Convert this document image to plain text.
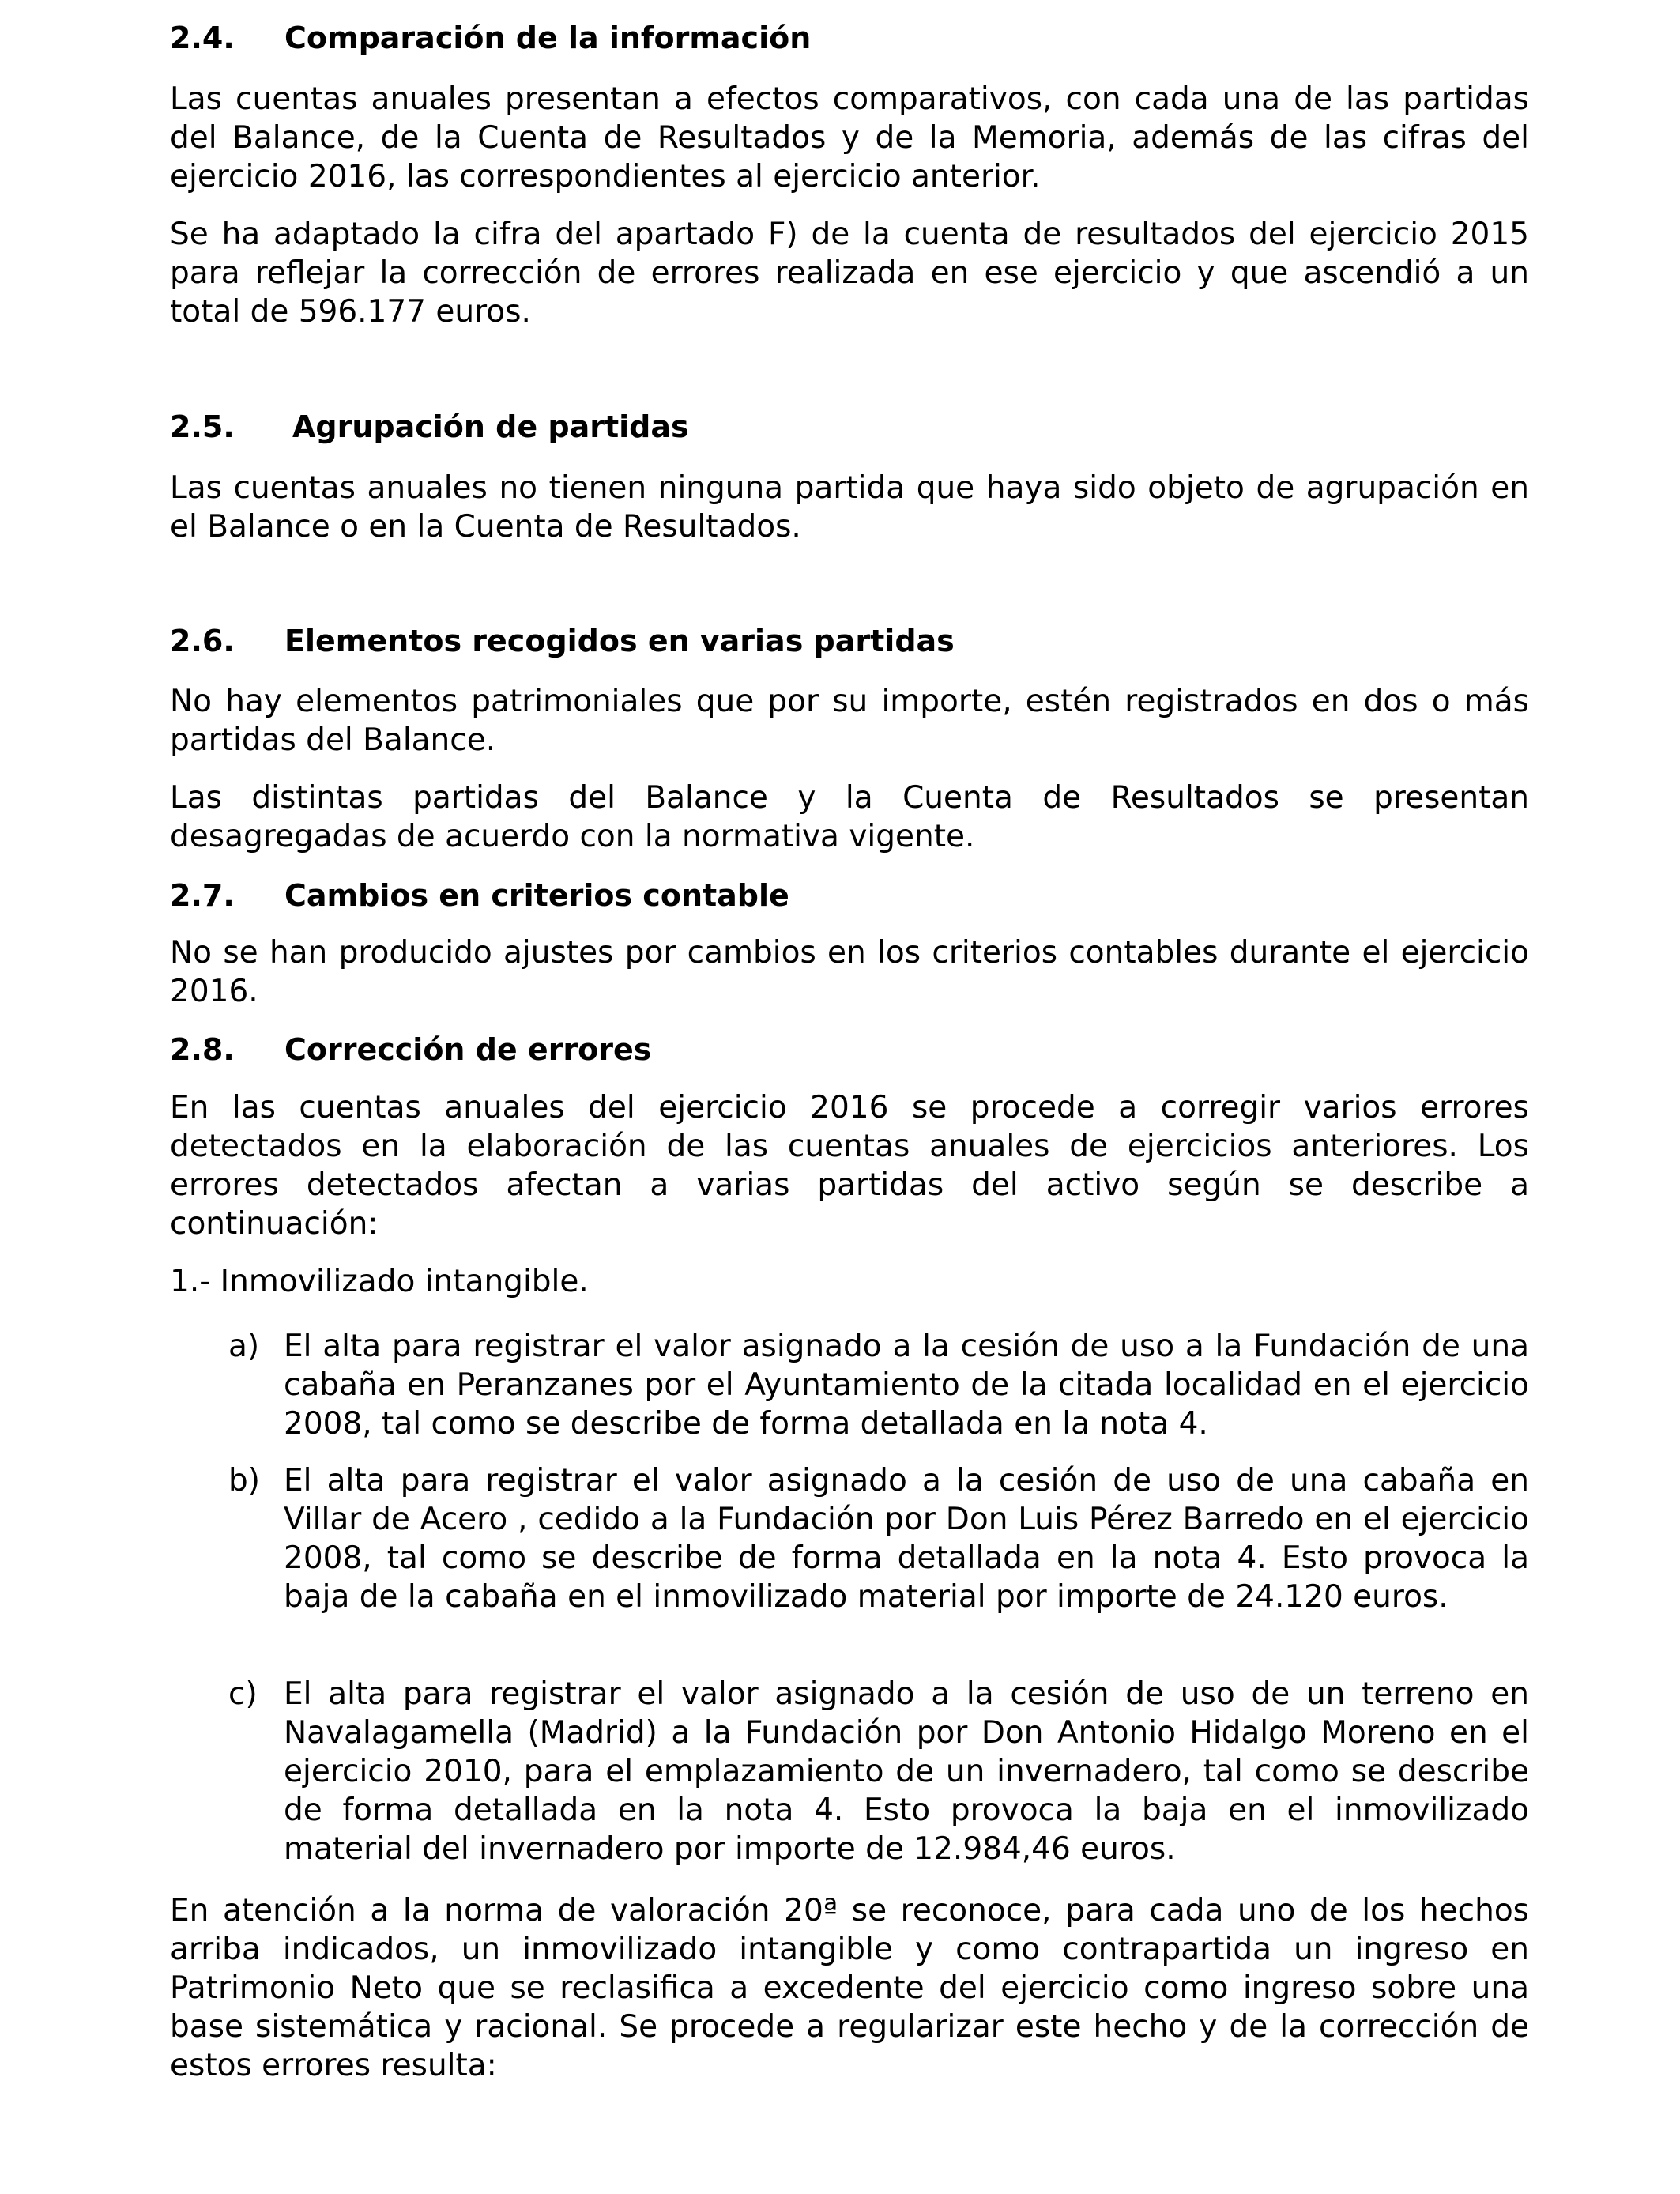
2.4. Comparación de la información

Las cuentas anuales presentan a efectos comparativos, con cada una de las partidas del Balance, de la Cuenta de Resultados y de la Memoria, además de las cifras del ejercicio 2016, las correspondientes al ejercicio anterior.

Se ha adaptado la cifra del apartado F) de la cuenta de resultados del ejercicio 2015 para reflejar la corrección de errores realizada en ese ejercicio y que ascendió a un total de 596.177 euros.

2.5. Agrupación de partidas

Las cuentas anuales no tienen ninguna partida que haya sido objeto de agrupación en el Balance o en la Cuenta de Resultados.

2.6. Elementos recogidos en varias partidas

No hay elementos patrimoniales que por su importe, estén registrados en dos o más partidas del Balance.

Las distintas partidas del Balance y la Cuenta de Resultados se presentan desagregadas de acuerdo con la normativa vigente.

2.7. Cambios en criterios contable

No se han producido ajustes por cambios en los criterios contables durante el ejercicio 2016.

2.8. Corrección de errores

En las cuentas anuales del ejercicio 2016 se procede a corregir varios errores detectados en la elaboración de las cuentas anuales de ejercicios anteriores. Los errores detectados afectan a varias partidas del activo según se describe a continuación:

1.- Inmovilizado intangible.
a) El alta para registrar el valor asignado a la cesión de uso a la Fundación de una cabaña en Peranzanes por el Ayuntamiento de la citada localidad en el ejercicio 2008, tal como se describe de forma detallada en la nota 4.
b) El alta para registrar el valor asignado a la cesión de uso de una cabaña en Villar de Acero , cedido a la Fundación por Don Luis Pérez Barredo en el ejercicio 2008, tal como se describe de forma detallada en la nota 4. Esto provoca la baja de la cabaña en el inmovilizado material por importe de 24.120 euros.
c) El alta para registrar el valor asignado a la cesión de uso de un terreno en Navalagamella (Madrid) a la Fundación por Don Antonio Hidalgo Moreno en el ejercicio 2010, para el emplazamiento de un invernadero, tal como se describe de forma detallada en la nota 4. Esto provoca la baja en el inmovilizado material del invernadero por importe de 12.984,46 euros.

En atención a la norma de valoración 20ª se reconoce, para cada uno de los hechos arriba indicados, un inmovilizado intangible y como contrapartida un ingreso en Patrimonio Neto que se reclasifica a excedente del ejercicio como ingreso sobre una base sistemática y racional. Se procede a regularizar este hecho y de la corrección de estos errores resulta:
